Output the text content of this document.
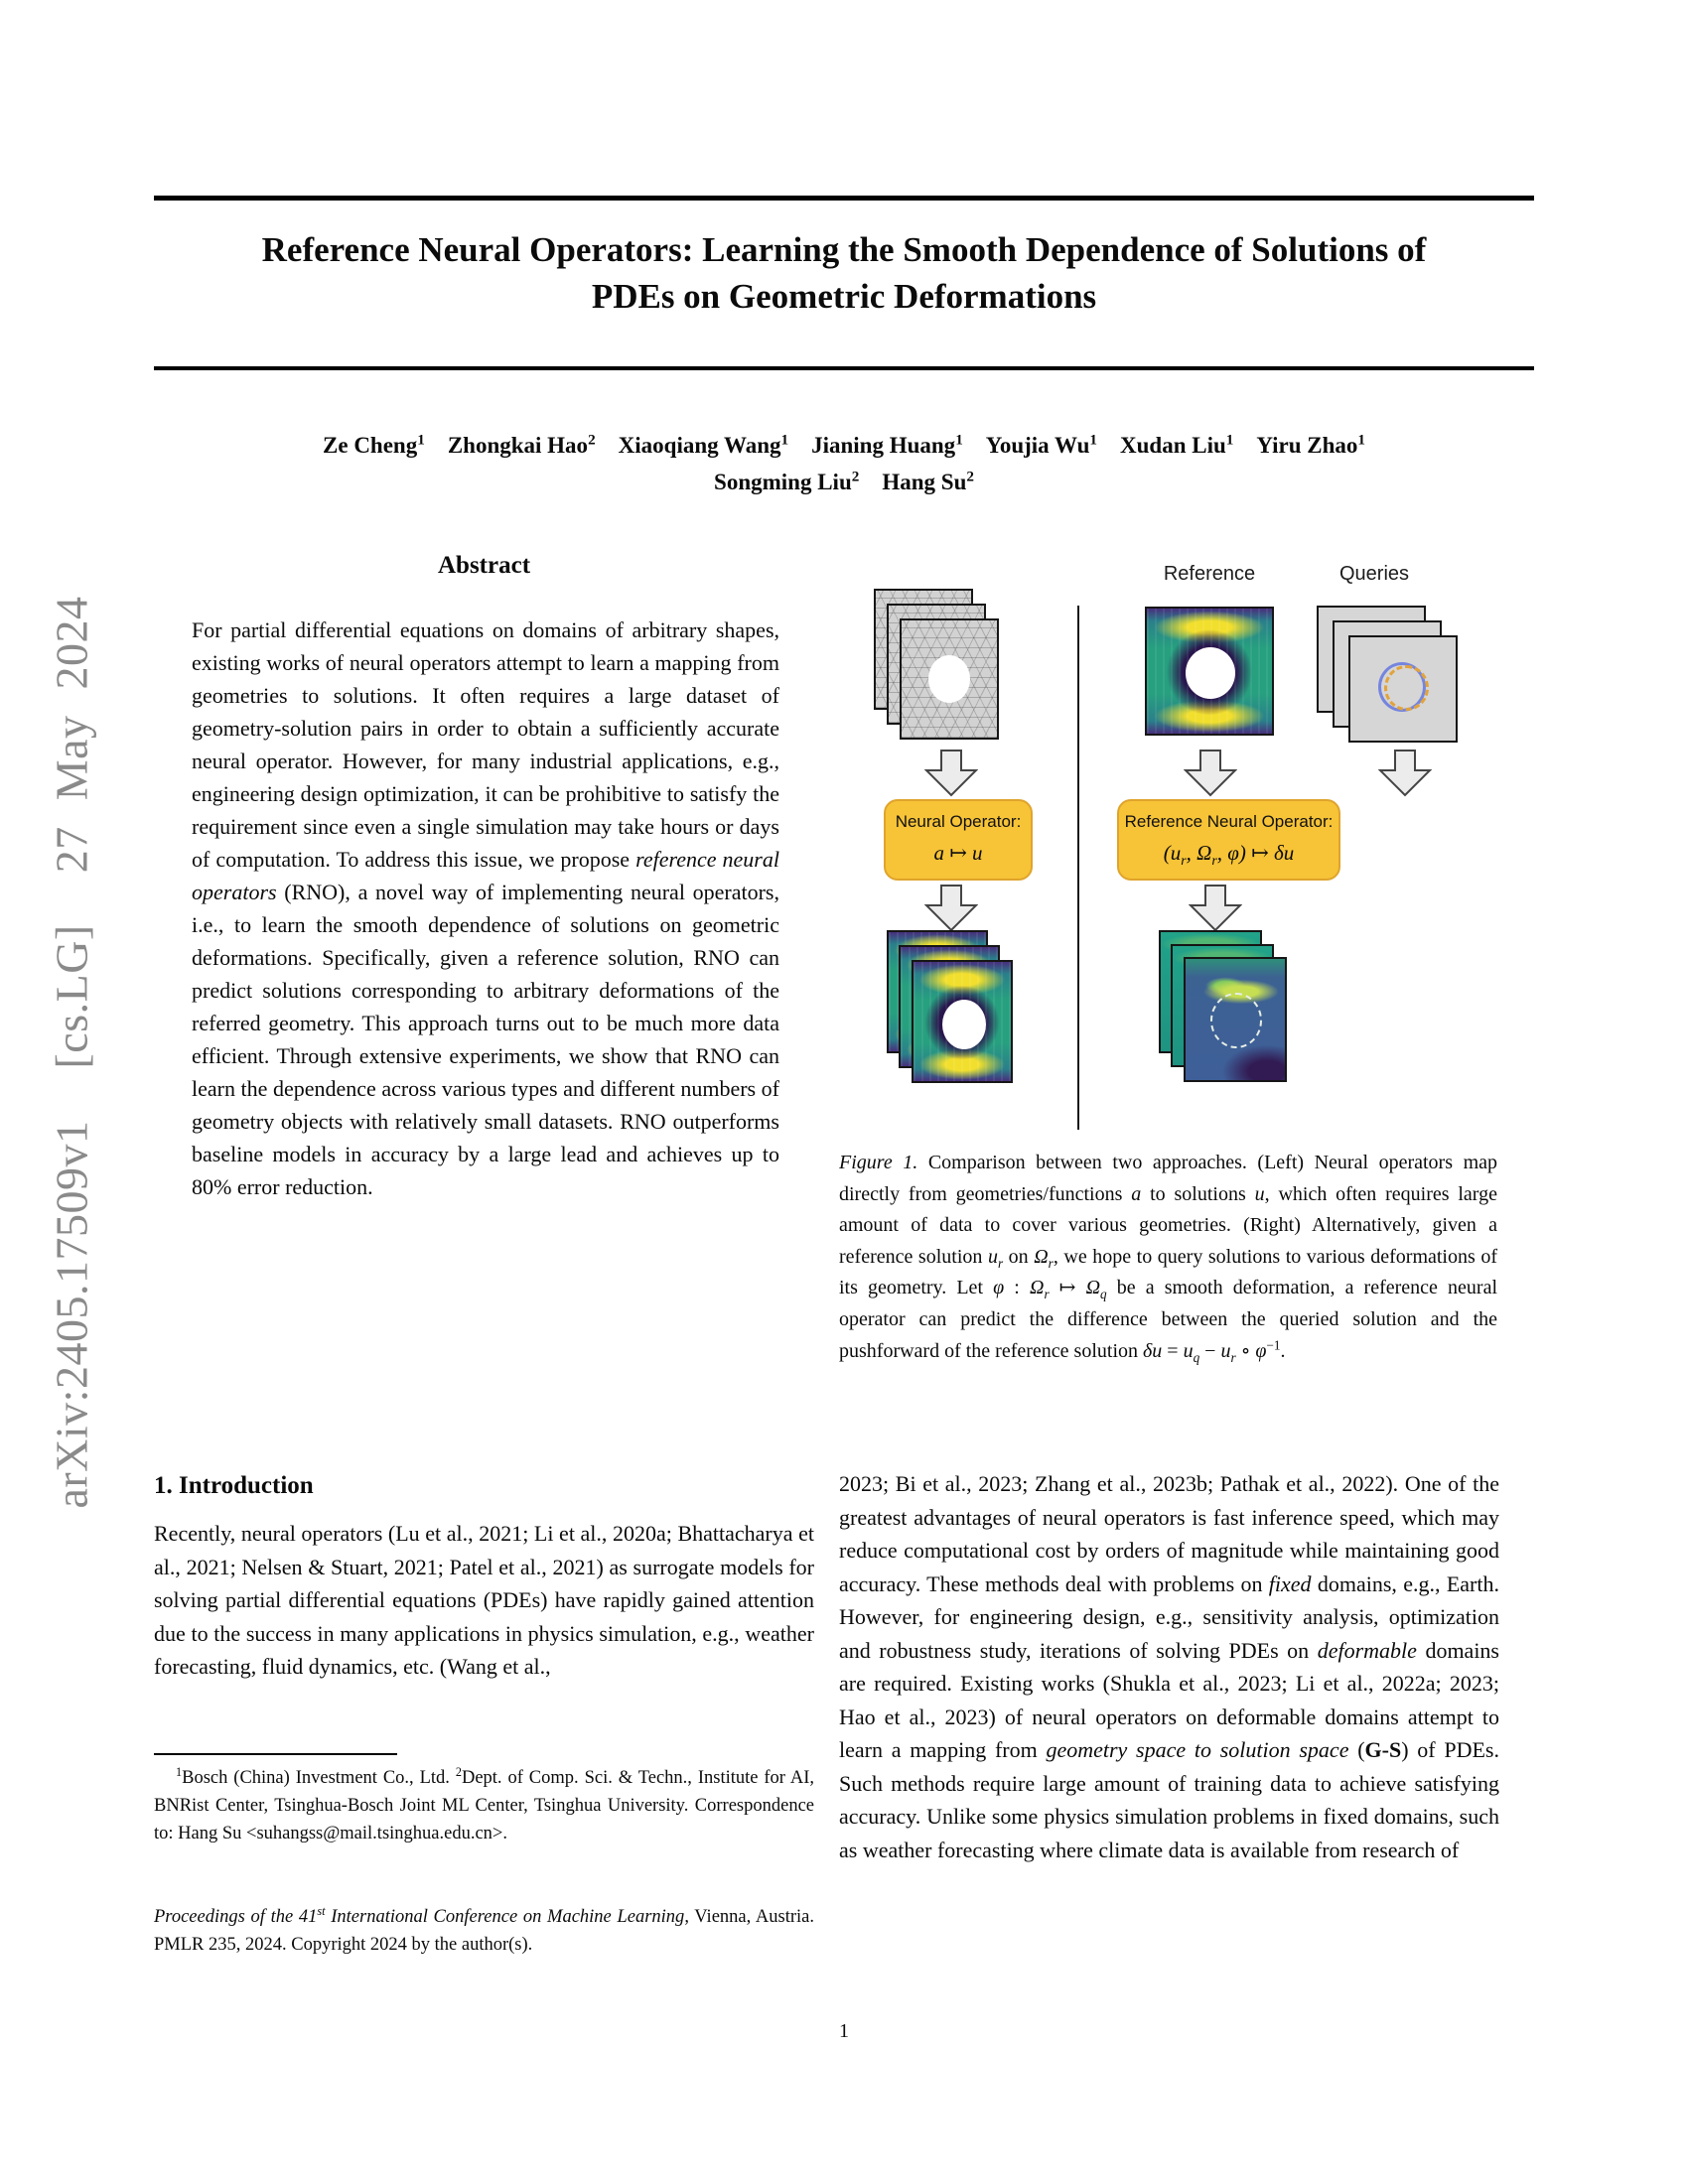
arXiv:2405.17509v1  [cs.LG]  27 May 2024
Reference Neural Operators: Learning the Smooth Dependence of Solutions of
PDEs on Geometric Deformations
Ze Cheng$^1$  Zhongkai Hao$^2$  Xiaoqiang Wang$^1$  Jianing Huang$^1$  Youjia Wu$^1$  Xudan Liu$^1$  Yiru Zhao$^1$
Songming Liu$^2$  Hang Su$^2$
Abstract
For partial differential equations on domains of arbitrary shapes, existing works of neural operators attempt to learn a mapping from geometries to solutions. It often requires a large dataset of geometry-solution pairs in order to obtain a sufficiently accurate neural operator. However, for many industrial applications, e.g., engineering design optimization, it can be prohibitive to satisfy the requirement since even a single simulation may take hours or days of computation. To address this issue, we propose reference neural operators (RNO), a novel way of implementing neural operators, i.e., to learn the smooth dependence of solutions on geometric deformations. Specifically, given a reference solution, RNO can predict solutions corresponding to arbitrary deformations of the referred geometry. This approach turns out to be much more data efficient. Through extensive experiments, we show that RNO can learn the dependence across various types and different numbers of geometry objects with relatively small datasets. RNO outperforms baseline models in accuracy by a large lead and achieves up to 80% error reduction.
Reference	Queries
Neural Operator:
a ↦ u
Reference Neural Operator:
($u_r$, $\Omega_r$, φ) ↦ δu
Figure 1. Comparison between two approaches. (Left) Neural operators map directly from geometries/functions a to solutions u, which often requires large amount of data to cover various geometries. (Right) Alternatively, given a reference solution $u_r$ on $\Omega_r$, we hope to query solutions to various deformations of its geometry. Let φ : $\Omega_r$ ↦ $\Omega_q$ be a smooth deformation, a reference neural operator can predict the difference between the queried solution and the pushforward of the reference solution $\delta u = u_q - u_r$ ∘ $\varphi^{-1}$.
1. Introduction
Recently, neural operators (Lu et al., 2021; Li et al., 2020a; Bhattacharya et al., 2021; Nelsen & Stuart, 2021; Patel et al., 2021) as surrogate models for solving partial differential equations (PDEs) have rapidly gained attention due to the success in many applications in physics simulation, e.g., weather forecasting, fluid dynamics, etc. (Wang et al.,
$^1$Bosch (China) Investment Co., Ltd. $^2$Dept. of Comp. Sci. & Techn., Institute for AI, BNRist Center, Tsinghua-Bosch Joint ML Center, Tsinghua University. Correspondence to: Hang Su <suhangss@mail.tsinghua.edu.cn>.
Proceedings of the 41st International Conference on Machine Learning, Vienna, Austria. PMLR 235, 2024. Copyright 2024 by the author(s).
2023; Bi et al., 2023; Zhang et al., 2023b; Pathak et al., 2022). One of the greatest advantages of neural operators is fast inference speed, which may reduce computational cost by orders of magnitude while maintaining good accuracy. These methods deal with problems on fixed domains, e.g., Earth. However, for engineering design, e.g., sensitivity analysis, optimization and robustness study, iterations of solving PDEs on deformable domains are required. Existing works (Shukla et al., 2023; Li et al., 2022a; 2023; Hao et al., 2023) of neural operators on deformable domains attempt to learn a mapping from geometry space to solution space (G-S) of PDEs. Such methods require large amount of training data to achieve satisfying accuracy. Unlike some physics simulation problems in fixed domains, such as weather forecasting where climate data is available from research of
1
